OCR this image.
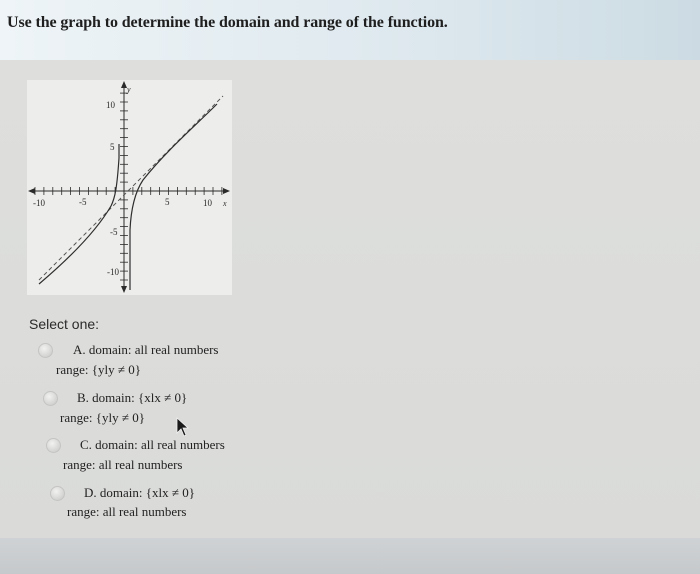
Use the graph to determine the domain and range of the function.
-10	-5	5	10 x
10
5
-5
-10
y
Select one:
A. domain: all real numbers
range: {yly ≠ 0}
B. domain: {xlx ≠ 0}
range: {yly ≠ 0}
C. domain: all real numbers
range: all real numbers
D. domain: {xlx ≠ 0}
range: all real numbers
